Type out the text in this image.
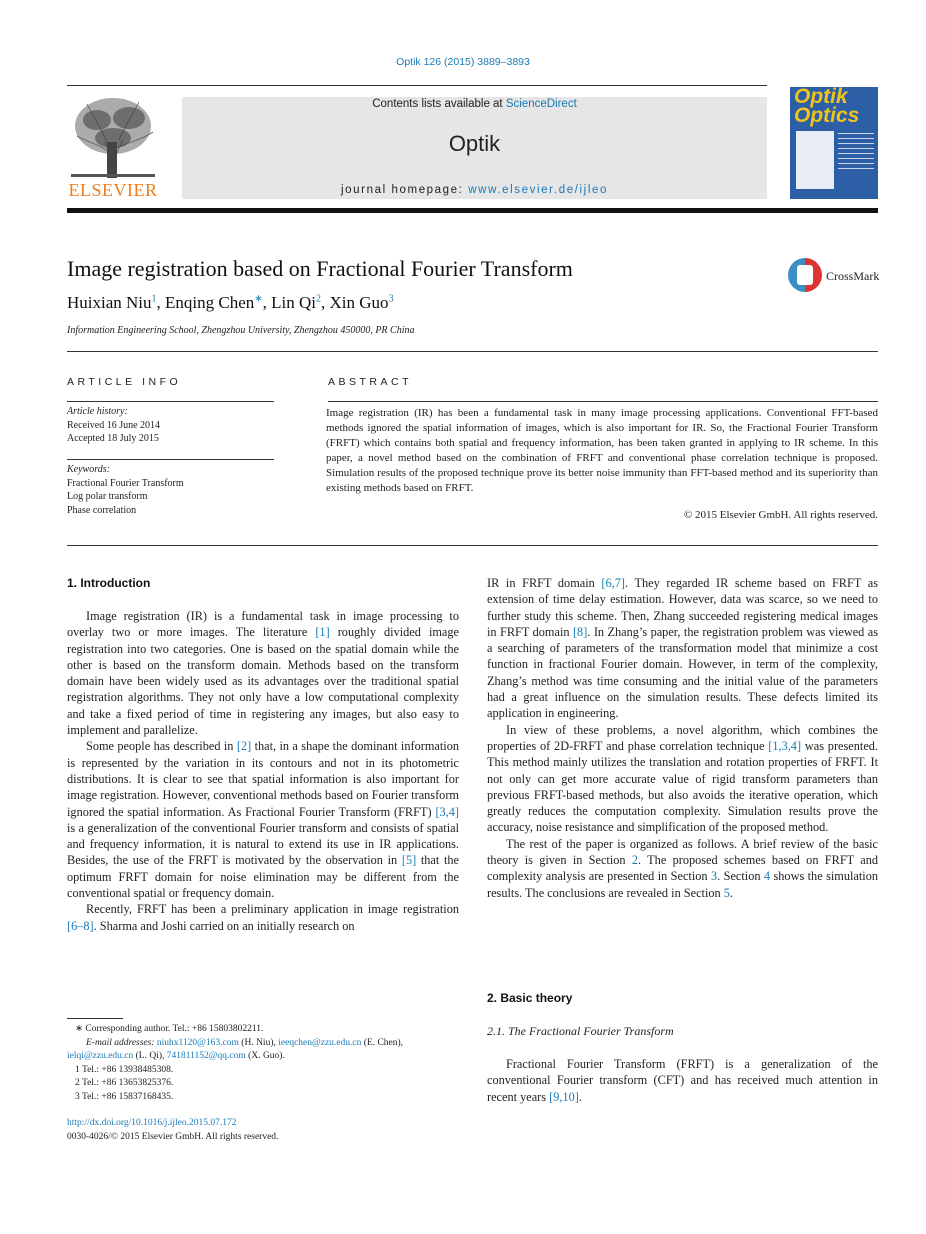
Optik 126 (2015) 3889–3893
ELSEVIER
Contents lists available at ScienceDirect
Optik
journal homepage: www.elsevier.de/ijleo
Optik Optics
Image registration based on Fractional Fourier Transform	CrossMark
Huixian Niu$^1$, Enqing Chen∗, Lin Qi$^2$, Xin Guo$^3$
Information Engineering School, Zhengzhou University, Zhengzhou 450000, PR China
ARTICLE INFO	ABSTRACT
Article history:
Received 16 June 2014
Accepted 18 July 2015
Keywords:
Fractional Fourier Transform
Log polar transform
Phase correlation
Image registration (IR) has been a fundamental task in many image processing applications. Conventional FFT-based methods ignored the spatial information of images, which is also important for IR. So, the Fractional Fourier Transform (FRFT) which contains both spatial and frequency information, has been taken granted in applying to IR scheme. In this paper, a novel method based on the combination of FRFT and conventional phase correlation technique is proposed. Simulation results of the proposed technique prove its better noise immunity than FFT-based method and its superiority than existing methods based on FRFT.
© 2015 Elsevier GmbH. All rights reserved.
1. Introduction

Image registration (IR) is a fundamental task in image processing to overlay two or more images. The literature [1] roughly divided image registration into two categories. One is based on the spatial domain while the other is based on the transform domain. Methods based on the transform domain have been widely used as its advantages over the traditional spatial registration algorithms. They not only have a low computational complexity and take a fixed period of time in registering any images, but also easy to implement and parallelize.

Some people has described in [2] that, in a shape the dominant information is represented by the variation in its contours and not in its photometric distributions. It is clear to see that spatial information is also important for image registration. However, conventional methods based on Fourier transform ignored the spatial information. As Fractional Fourier Transform (FRFT) [3,4] is a generalization of the conventional Fourier transform and consists of spatial and frequency information, it is natural to extend its use in IR applications. Besides, the use of the FRFT is motivated by the observation in [5] that the optimum FRFT domain for noise elimination may be different from the conventional spatial or frequency domain.

Recently, FRFT has been a preliminary application in image registration [6–8]. Sharma and Joshi carried on an initially research on

IR in FRFT domain [6,7]. They regarded IR scheme based on FRFT as extension of time delay estimation. However, data was scarce, so we need to further study this scheme. Then, Zhang succeeded registering medical images in FRFT domain [8]. In Zhang’s paper, the registration problem was viewed as a searching of parameters of the transformation model that minimize a cost function in fractional Fourier domain. However, in term of the complexity, Zhang’s method was time consuming and the initial value of the parameters had a great influence on the simulation results. These defects limited its application in engineering.

In view of these problems, a novel algorithm, which combines the properties of 2D-FRFT and phase correlation technique [1,3,4] was presented. This method mainly utilizes the translation and rotation properties of FRFT. It not only can get more accurate value of rigid transform parameters than previous FRFT-based methods, but also avoids the iterative operation, which greatly reduces the computation complexity. Simulation results prove the accuracy, noise resistance and simplification of the proposed method.

The rest of the paper is organized as follows. A brief review of the basic theory is given in Section 2. The proposed schemes based on FRFT and complexity analysis are presented in Section 3. Section 4 shows the simulation results. The conclusions are revealed in Section 5.

2. Basic theory
2.1. The Fractional Fourier Transform

Fractional Fourier Transform (FRFT) is a generalization of the conventional Fourier transform (CFT) and has received much attention in recent years [9,10].

∗ Corresponding author. Tel.: +86 15803802211.
E-mail addresses: niuhx1120@163.com (H. Niu), ieeqchen@zzu.edu.cn (E. Chen),
ielqi@zzu.edu.cn (L. Qi), 741811152@qq.com (X. Guo).
1 Tel.: +86 13938485308.
2 Tel.: +86 13653825376.
3 Tel.: +86 15837168435.
http://dx.doi.org/10.1016/j.ijleo.2015.07.172
0030-4026/© 2015 Elsevier GmbH. All rights reserved.
